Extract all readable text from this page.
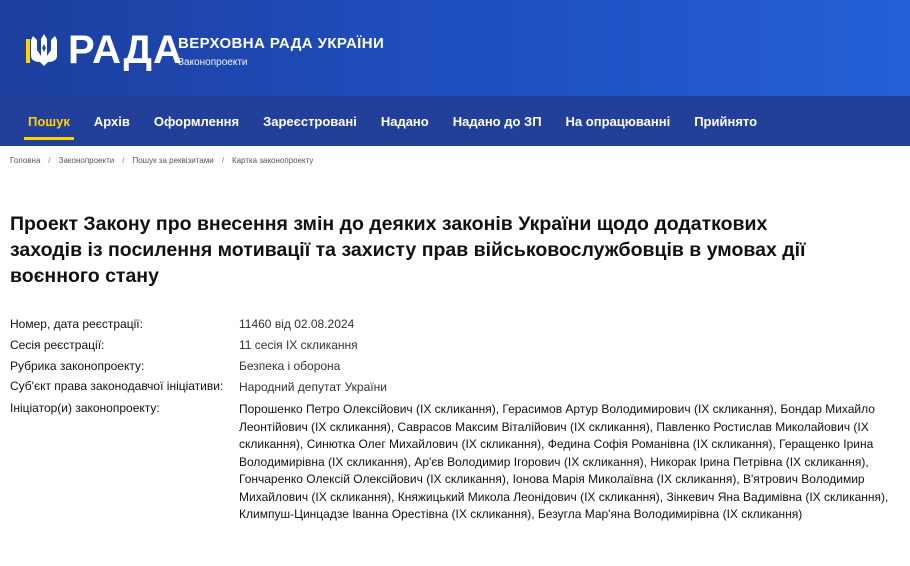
РАДА
ВЕРХОВНА РАДА УКРАЇНИ
Законопроекти
Пошук	Архів	Оформлення	Зареєстровані	Надано	Надано до ЗП	На опрацюванні	Прийнято
Головна / Законопроекти / Пошук за реквізитами / Картка законопроекту
Проект Закону про внесення змін до деяких законів України щодо додаткових заходів із посилення мотивації та захисту прав військовослужбовців в умовах дії воєнного стану
Номер, дата реєстрації:	11460 від 02.08.2024
Сесія реєстрації:	11 сесія IX скликання
Рубрика законопроекту:	Безпека і оборона
Суб'єкт права законодавчої ініціативи:	Народний депутат України
Ініціатор(и) законопроекту:	Порошенко Петро Олексійович (IX скликання), Герасимов Артур Володимирович (IX скликання), Бондар Михайло Леонтійович (IX скликання), Саврасов Максим Віталійович (IX скликання), Павленко Ростислав Миколайович (IX скликання), Синютка Олег Михайлович (IX скликання), Федина Софія Романівна (IX скликання), Геращенко Ірина Володимирівна (IX скликання), Ар'єв Володимир Ігорович (IX скликання), Никорак Ірина Петрівна (IX скликання), Гончаренко Олексій Олексійович (IX скликання), Іонова Марія Миколаївна (IX скликання), В'ятрович Володимир Михайлович (IX скликання), Княжицький Микола Леонідович (IX скликання), Зінкевич Яна Вадимівна (IX скликання), Климпуш-Цинцадзе Іванна Орестівна (IX скликання), Безугла Мар'яна Володимирівна (IX скликання)
